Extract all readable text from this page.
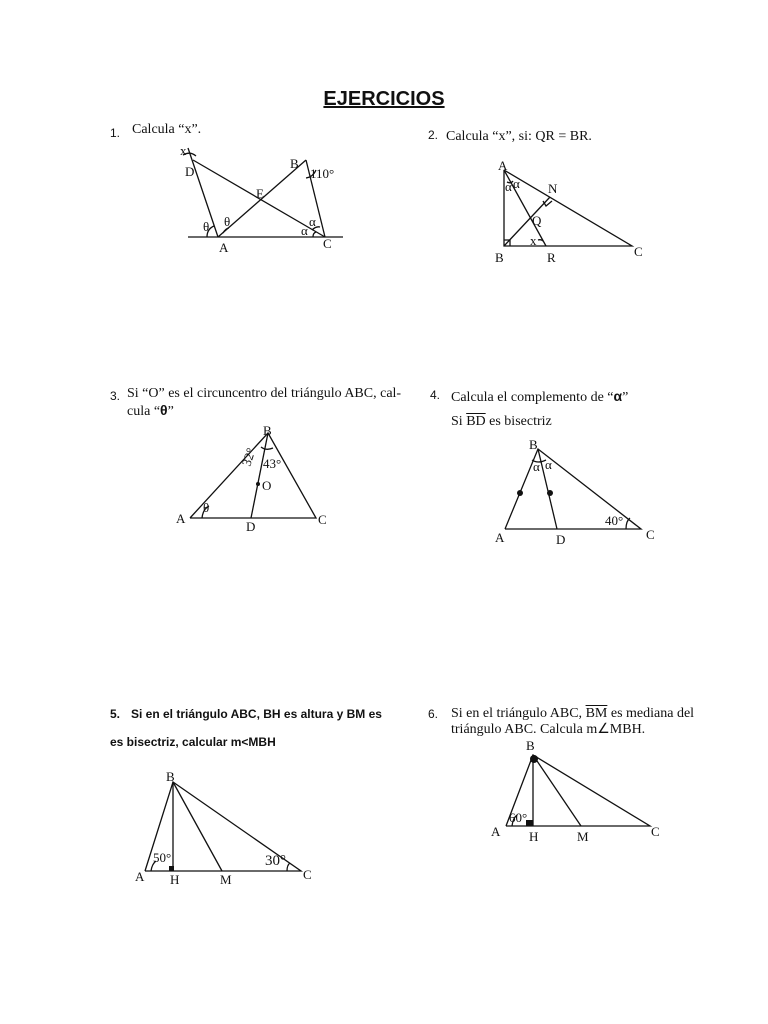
EJERCICIOS
1. Calcula “x”.
x
D
B
110°
E
θ θ	α
α
A	C
2. Calcula “x”, si: QR = BR.
A
α
α	N
Q
x
B	R	C
3. Si “O” es el circuncentro del triángulo ABC, cal-
cula “θ”
B
32° 43°
O
A
θ
D	C
4. Calcula el complemento de “α”
Si $\overline{BD}$ es bisectriz
B
α α
40°
A	D	C
5. Si en el triángulo ABC, BH es altura y BM es
es bisectriz, calcular m<MBH
B
50°	30°
A H	M	C
6. Si en el triángulo ABC, $\overline{BM}$ es mediana del
triángulo ABC. Calcula m∠MBH.
B
60°
A H	M	C
